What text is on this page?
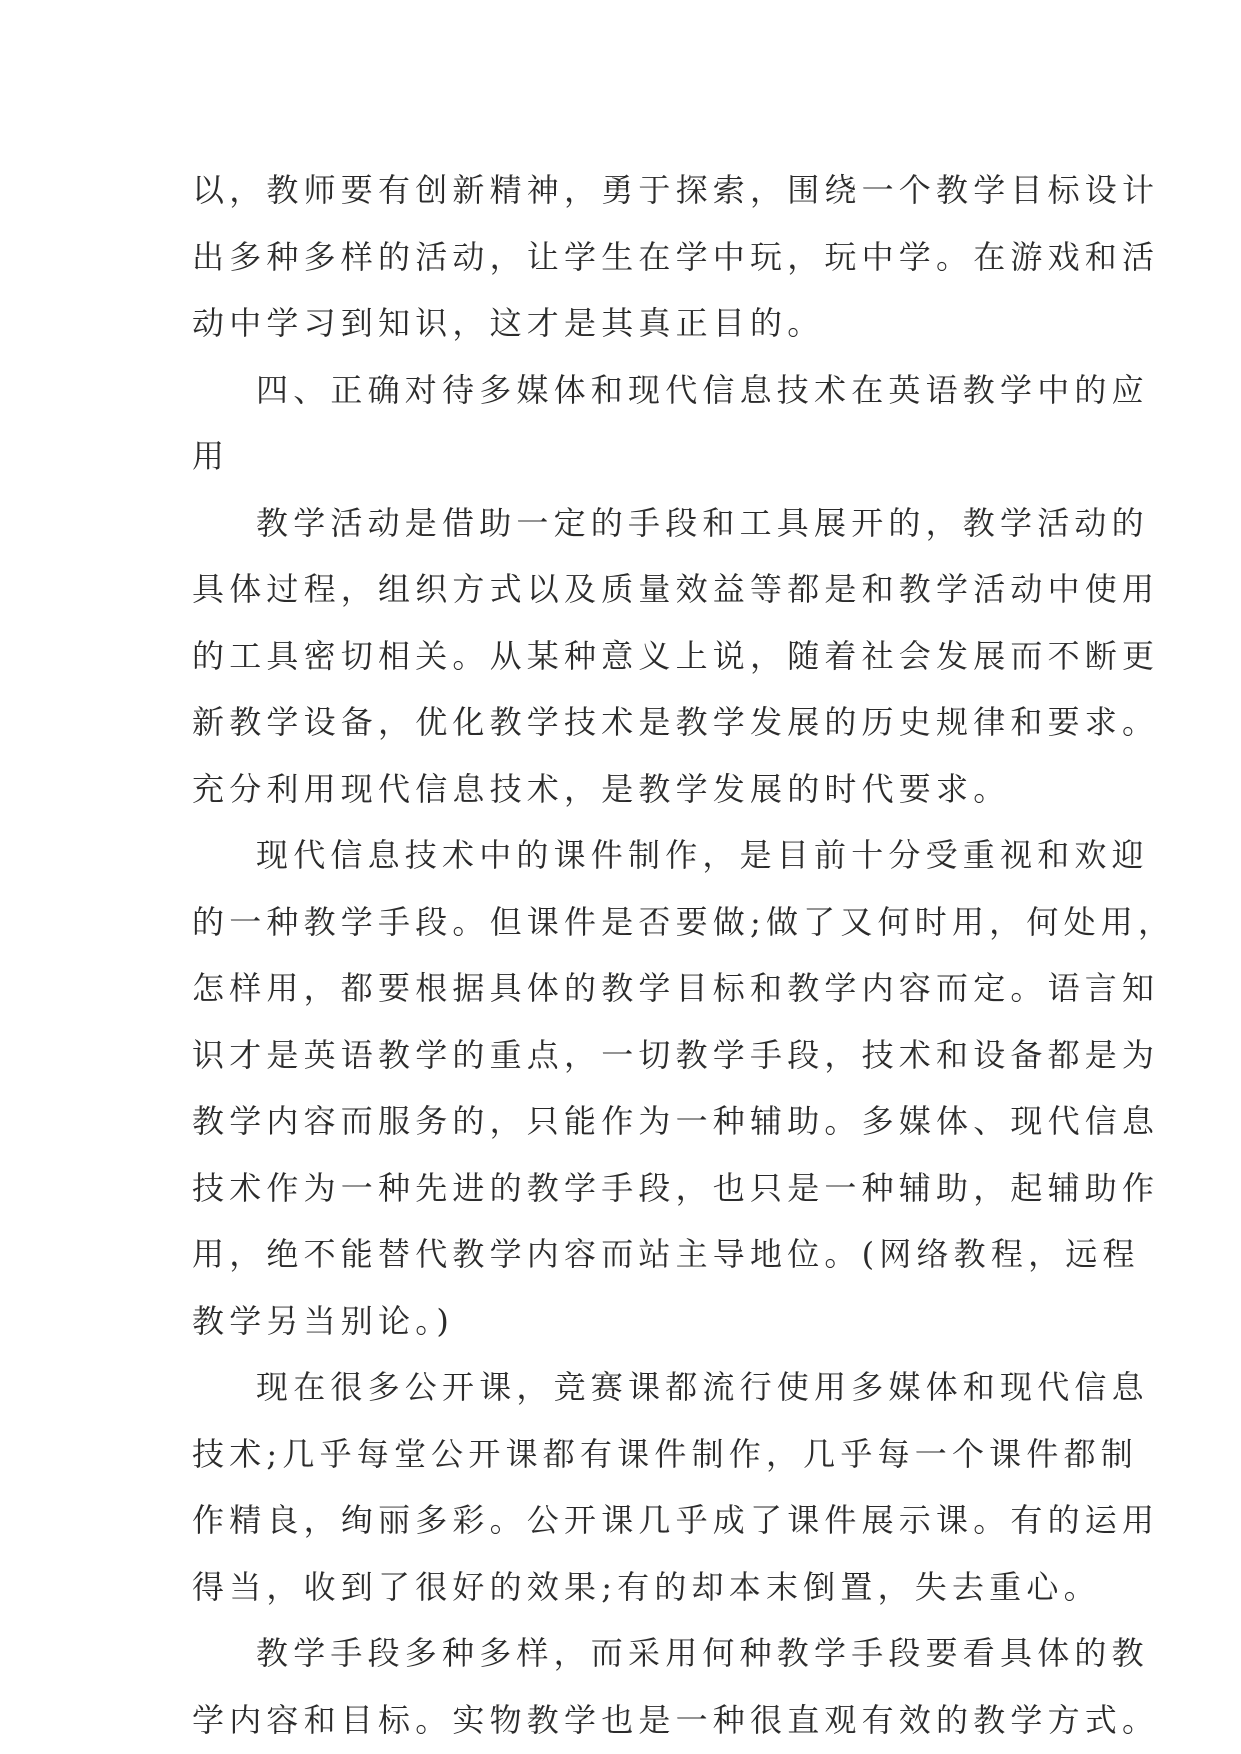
以，教师要有创新精神，勇于探索，围绕一个教学目标设计
出多种多样的活动，让学生在学中玩，玩中学。在游戏和活
动中学习到知识，这才是其真正目的。
四、正确对待多媒体和现代信息技术在英语教学中的应
用
教学活动是借助一定的手段和工具展开的，教学活动的
具体过程，组织方式以及质量效益等都是和教学活动中使用
的工具密切相关。从某种意义上说，随着社会发展而不断更
新教学设备，优化教学技术是教学发展的历史规律和要求。
充分利用现代信息技术，是教学发展的时代要求。
现代信息技术中的课件制作，是目前十分受重视和欢迎
的一种教学手段。但课件是否要做;做了又何时用，何处用，
怎样用，都要根据具体的教学目标和教学内容而定。语言知
识才是英语教学的重点，一切教学手段，技术和设备都是为
教学内容而服务的，只能作为一种辅助。多媒体、现代信息
技术作为一种先进的教学手段，也只是一种辅助，起辅助作
用，绝不能替代教学内容而站主导地位。(网络教程，远程
教学另当别论。)
现在很多公开课，竞赛课都流行使用多媒体和现代信息
技术;几乎每堂公开课都有课件制作，几乎每一个课件都制
作精良，绚丽多彩。公开课几乎成了课件展示课。有的运用
得当，收到了很好的效果;有的却本末倒置，失去重心。
教学手段多种多样，而采用何种教学手段要看具体的教
学内容和目标。实物教学也是一种很直观有效的教学方式。
